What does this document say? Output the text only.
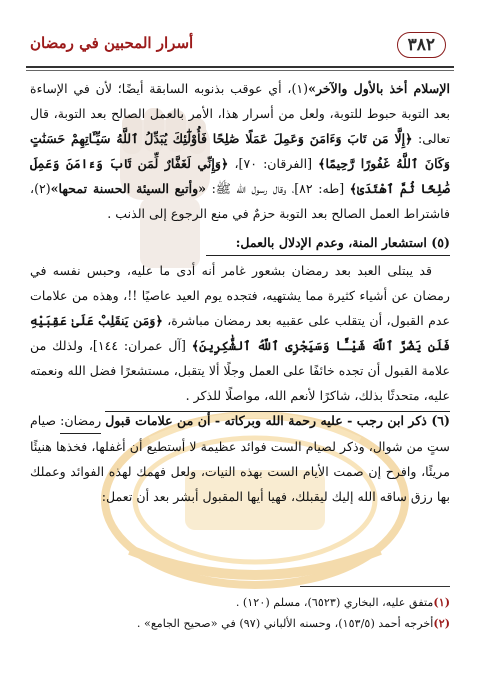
٣٨٢
أسرار المحبين في رمضان

الإسلام أخذ بالأول والآخر»(١)، أي عوقب بذنوبه السابقة أيضًا؛ لأن في الإساءة بعد التوبة حبوط للتوبة، ولعل من أسرار هذا، الأمر بالعمل الصالح بعد التوبة، قال تعالى: ﴿إِلَّا مَن تَابَ وَءَامَنَ وَعَمِلَ عَمَلًا صَٰلِحًا فَأُوْلَٰٓئِكَ يُبَدِّلُ ٱللَّهُ سَيِّـَٔاتِهِمْ حَسَنَٰتٍ وَكَانَ ٱللَّهُ غَفُورًا رَّحِيمًا﴾ [الفرقان: ٧٠]، ﴿وَإِنِّي لَغَفَّارٌ لِّمَن تَابَ وَءَامَنَ وَعَمِلَ صَٰلِحًا ثُمَّ ٱهْتَدَىٰ﴾ [طه: ٨٢]، وقال رسول الله ﷺ: «وأتبع السيئة الحسنة تمحها»(٢)، فاشتراط العمل الصالح بعد التوبة حزمٌ في منع الرجوع إلى الذنب .

(٥) استشعار المنة، وعدم الإدلال بالعمل:

قد يبتلى العبد بعد رمضان بشعور غامر أنه أدى ما عليه، وحبس نفسه في رمضان عن أشياء كثيرة مما يشتهيه، فتجده يوم العيد عاصيًا !!، وهذه من علامات عدم القبول، أن يتقلب على عقبيه بعد رمضان مباشرة، ﴿وَمَن يَنقَلِبْ عَلَىٰ عَقِبَيْهِ فَلَن يَضُرَّ ٱللَّهَ شَيْـًٔا وَسَيَجْزِى ٱللَّهُ ٱلشَّٰكِرِينَ﴾ [آل عمران: ١٤٤]، ولذلك من علامة القبول أن تجده خائفًا على العمل وجلًا ألا يتقبل، مستشعرًا فضل الله ونعمته عليه، متحدثًا بذلك، شاكرًا لأنعم الله، مواصلًا للذكر .

(٦) ذكر ابن رجب - عليه رحمة الله وبركاته - أن من علامات قبول رمضان: صيام ستٍ من شوال، وذكر لصيام الست فوائد عظيمة لا أستطيع أن أغفلها، فخذها هنيئًا مريئًا، وافرح إن صمت الأيام الست بهذه النيات، ولعل فهمك لهذه الفوائد وعملك بها رزق ساقه الله إليك ليقبلك، فهيا أيها المقبول أبشر بعد أن تعمل:

(١)متفق عليه، البخاري (٦٥٢٣)، مسلم (١٢٠) .
(٢)أخرجه أحمد (١٥٣/٥)، وحسنه الألباني (٩٧) في «صحيح الجامع» .
